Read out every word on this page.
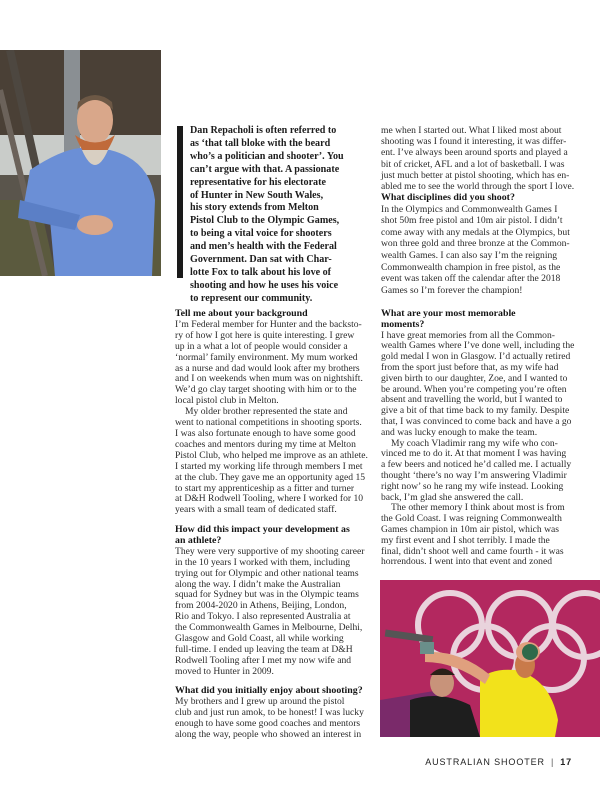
Dan Repacholi is often referred to
as ‘that tall bloke with the beard
who’s a politician and shooter’. You
can’t argue with that. A passionate
representative for his electorate
of Hunter in New South Wales,
his story extends from Melton
Pistol Club to the Olympic Games,
to being a vital voice for shooters
and men’s health with the Federal
Government. Dan sat with Char-
lotte Fox to talk about his love of
shooting and how he uses his voice
to represent our community.
Tell me about your background
I’m Federal member for Hunter and the backsto-
ry of how I got here is quite interesting. I grew
up in a what a lot of people would consider a
‘normal’ family environment. My mum worked
as a nurse and dad would look after my brothers
and I on weekends when mum was on nightshift.
We’d go clay target shooting with him or to the
local pistol club in Melton.
My older brother represented the state and
went to national competitions in shooting sports.
I was also fortunate enough to have some good
coaches and mentors during my time at Melton
Pistol Club, who helped me improve as an athlete.
I started my working life through members I met
at the club. They gave me an opportunity aged 15
to start my apprenticeship as a fitter and turner
at D&H Rodwell Tooling, where I worked for 10
years with a small team of dedicated staff.
How did this impact your development as
an athlete?
They were very supportive of my shooting career
in the 10 years I worked with them, including
trying out for Olympic and other national teams
along the way. I didn’t make the Australian
squad for Sydney but was in the Olympic teams
from 2004-2020 in Athens, Beijing, London,
Rio and Tokyo. I also represented Australia at
the Commonwealth Games in Melbourne, Delhi,
Glasgow and Gold Coast, all while working
full-time. I ended up leaving the team at D&H
Rodwell Tooling after I met my now wife and
moved to Hunter in 2009.
What did you initially enjoy about shooting?
My brothers and I grew up around the pistol
club and just run amok, to be honest! I was lucky
enough to have some good coaches and mentors
along the way, people who showed an interest in
me when I started out. What I liked most about
shooting was I found it interesting, it was differ-
ent. I’ve always been around sports and played a
bit of cricket, AFL and a lot of basketball. I was
just much better at pistol shooting, which has en-
abled me to see the world through the sport I love.
What disciplines did you shoot?
In the Olympics and Commonwealth Games I
shot 50m free pistol and 10m air pistol. I didn’t
come away with any medals at the Olympics, but
won three gold and three bronze at the Common-
wealth Games. I can also say I’m the reigning
Commonwealth champion in free pistol, as the
event was taken off the calendar after the 2018
Games so I’m forever the champion!
What are your most memorable
moments?
I have great memories from all the Common-
wealth Games where I’ve done well, including the
gold medal I won in Glasgow. I’d actually retired
from the sport just before that, as my wife had
given birth to our daughter, Zoe, and I wanted to
be around. When you’re competing you’re often
absent and travelling the world, but I wanted to
give a bit of that time back to my family. Despite
that, I was convinced to come back and have a go
and was lucky enough to make the team.
My coach Vladimir rang my wife who con-
vinced me to do it. At that moment I was having
a few beers and noticed he’d called me. I actually
thought ‘there’s no way I’m answering Vladimir
right now’ so he rang my wife instead. Looking
back, I’m glad she answered the call.
The other memory I think about most is from
the Gold Coast. I was reigning Commonwealth
Games champion in 10m air pistol, which was
my first event and I shot terribly. I made the
final, didn’t shoot well and came fourth - it was
horrendous. I went into that event and zoned
AUSTRALIAN SHOOTER | 17
